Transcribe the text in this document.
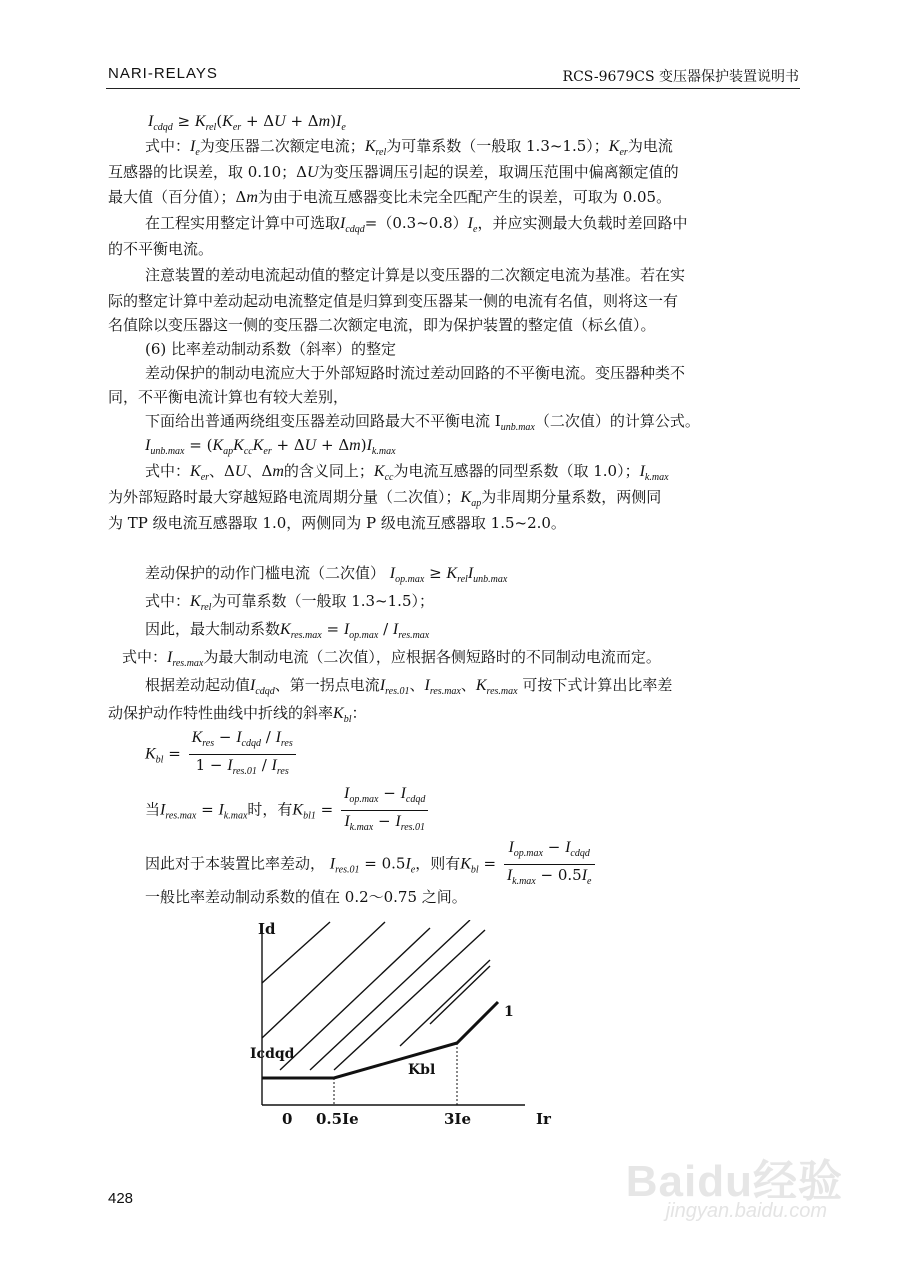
NARI-RELAYS	RCS-9679CS 变压器保护装置说明书
$I_{cdqd} \ge K_{rel}(K_{er} + \Delta U + \Delta m)I_e$
式中：$I_e$为变压器二次额定电流；$K_{rel}$为可靠系数（一般取 1.3~1.5）；$K_{er}$为电流
互感器的比误差，取 0.10；ΔU为变压器调压引起的误差，取调压范围中偏离额定值的
最大值（百分值）；Δm为由于电流互感器变比未完全匹配产生的误差，可取为 0.05。
在工程实用整定计算中可选取$I_{cdqd}=(0.3\sim 0.8)I_e$，并应实测最大负载时差回路中
的不平衡电流。
注意装置的差动电流起动值的整定计算是以变压器的二次额定电流为基准。若在实
际的整定计算中差动起动电流整定值是归算到变压器某一侧的电流有名值，则将这一有
名值除以变压器这一侧的变压器二次额定电流，即为保护装置的整定值（标幺值）。
(6) 比率差动制动系数（斜率）的整定
差动保护的制动电流应大于外部短路时流过差动回路的不平衡电流。变压器种类不
同，不平衡电流计算也有较大差别，
下面给出普通两绕组变压器差动回路最大不平衡电流 $I_{unb.max}$（二次值）的计算公式。
$I_{unb.max} = (K_{ap}K_{cc}K_{er} + \Delta U + \Delta m)I_{k.max}$
式中：$K_{er}$、ΔU、Δm的含义同上；$K_{cc}$为电流互感器的同型系数（取 1.0）；$I_{k.max}$
为外部短路时最大穿越短路电流周期分量（二次值）；$K_{ap}$为非周期分量系数，两侧同
为 TP 级电流互感器取 1.0，两侧同为 P 级电流互感器取 1.5~2.0。
差动保护的动作门槛电流（二次值） $I_{op.max} \ge K_{rel}I_{unb.max}$
式中：$K_{rel}$为可靠系数（一般取 1.3~1.5）；
因此，最大制动系数$K_{res.max} = I_{op.max} / I_{res.max}$
式中：$I_{res.max}$为最大制动电流（二次值），应根据各侧短路时的不同制动电流而定。
根据差动起动值$I_{cdqd}$、第一拐点电流$I_{res.01}$、$I_{res.max}$、$K_{res.max}$ 可按下式计算出比率差
动保护动作特性曲线中折线的斜率$K_{bl}$：
$K_{bl} = \frac{K_{res} - I_{cdqd} / I_{res}}{1 - I_{res.01} / I_{res}}$
当$I_{res.max} = I_{k.max}$时，有$K_{bl1} = \frac{I_{op.max} - I_{cdqd}}{I_{k.max} - I_{res.01}}$
因此对于本装置比率差动， $I_{res.01} = 0.5I_e$，则有$K_{bl} = \frac{I_{op.max} - I_{cdqd}}{I_{k.max} - 0.5I_e}$
一般比率差动制动系数的值在 0.2～0.75 之间。
Id
Icdqd
Kbl
1
0 0.5Ie	3Ie	Ir
428	Baidu经验
jingyan.baidu.com
